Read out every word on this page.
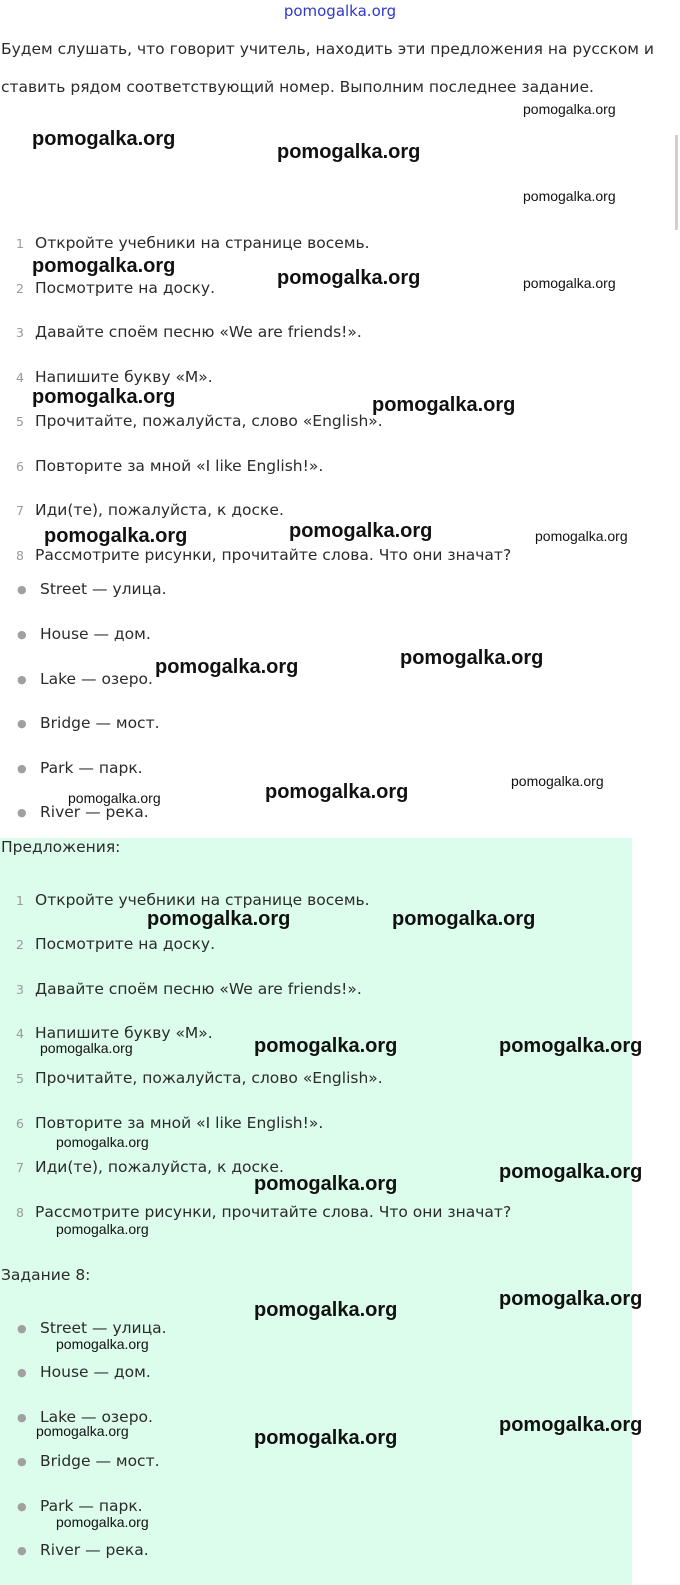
pomogalka.org
Будем слушать, что говорит учитель, находить эти предложения на русском и
ставить рядом соответствующий номер. Выполним последнее задание.
1 Откройте учебники на странице восемь.
2 Посмотрите на доску.
3 Давайте споём песню «We are friends!».
4 Напишите букву «М».
5 Прочитайте, пожалуйста, слово «English».
6 Повторите за мной «I like English!».
7 Иди(те), пожалуйста, к доске.
8 Рассмотрите рисунки, прочитайте слова. Что они значат?
● Street — улица.
● House — дом.
● Lake — озеро.
● Bridge — мост.
● Park — парк.
● River — река.
Предложения:
1 Откройте учебники на странице восемь.
2 Посмотрите на доску.
3 Давайте споём песню «We are friends!».
4 Напишите букву «М».
5 Прочитайте, пожалуйста, слово «English».
6 Повторите за мной «I like English!».
7 Иди(те), пожалуйста, к доске.
8 Рассмотрите рисунки, прочитайте слова. Что они значат?
Задание 8:
● Street — улица.
● House — дом.
● Lake — озеро.
● Bridge — мост.
● Park — парк.
● River — река.
pomogalka.org
pomogalka.org
pomogalka.org
pomogalka.org
pomogalka.org
pomogalka.org	pomogalka.org
pomogalka.org	pomogalka.org
pomogalka.org	pomogalka.org	pomogalka.org
pomogalka.org	pomogalka.org
pomogalka.org	pomogalka.org	pomogalka.org
pomogalka.org	pomogalka.org
pomogalka.org	pomogalka.org	pomogalka.org
pomogalka.org
pomogalka.org
pomogalka.org
pomogalka.org
pomogalka.org
pomogalka.org
pomogalka.org
pomogalka.org
pomogalka.org	pomogalka.org
pomogalka.org
